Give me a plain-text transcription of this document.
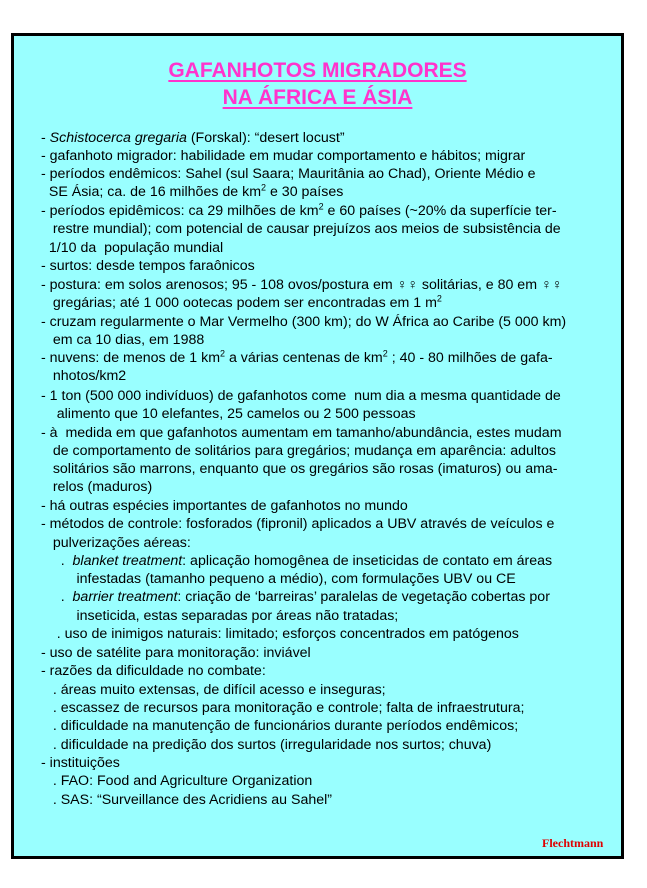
GAFANHOTOS MIGRADORES
NA ÁFRICA E ÁSIA
- Schistocerca gregaria (Forskal): “desert locust”
- gafanhoto migrador: habilidade em mudar comportamento e hábitos; migrar
- períodos endêmicos: Sahel (sul Saara; Mauritânia ao Chad), Oriente Médio e
SE Ásia; ca. de 16 milhões de $km^2$ e 30 países
- períodos epidêmicos: ca 29 milhões de $km^2$ e 60 países (~20% da superfície ter-
restre mundial); com potencial de causar prejuízos aos meios de subsistência de
1/10 da  população mundial
- surtos: desde tempos faraônicos
- postura: em solos arenosos; 95 - 108 ovos/postura em ♀♀ solitárias, e 80 em ♀♀
gregárias; até 1 000 ootecas podem ser encontradas em 1 $m^2$
- cruzam regularmente o Mar Vermelho (300 km); do W África ao Caribe (5 000 km)
em ca 10 dias, em 1988
- nuvens: de menos de 1 $km^2$ a várias centenas de $km^2$ ; 40 - 80 milhões de gafa-
nhotos/km2
- 1 ton (500 000 indivíduos) de gafanhotos come  num dia a mesma quantidade de
alimento que 10 elefantes, 25 camelos ou 2 500 pessoas
- à  medida em que gafanhotos aumentam em tamanho/abundância, estes mudam
de comportamento de solitários para gregários; mudança em aparência: adultos
solitários são marrons, enquanto que os gregários são rosas (imaturos) ou ama-
relos (maduros)
- há outras espécies importantes de gafanhotos no mundo
- métodos de controle: fosforados (fipronil) aplicados a UBV através de veículos e
pulverizações aéreas:
.  blanket treatment: aplicação homogênea de inseticidas de contato em áreas
infestadas (tamanho pequeno a médio), com formulações UBV ou CE
.  barrier treatment: criação de ‘barreiras’ paralelas de vegetação cobertas por
inseticida, estas separadas por áreas não tratadas;
. uso de inimigos naturais: limitado; esforços concentrados em patógenos
- uso de satélite para monitoração: inviável
- razões da dificuldade no combate:
. áreas muito extensas, de difícil acesso e inseguras;
. escassez de recursos para monitoração e controle; falta de infraestrutura;
. dificuldade na manutenção de funcionários durante períodos endêmicos;
. dificuldade na predição dos surtos (irregularidade nos surtos; chuva)
- instituições
. FAO: Food and Agriculture Organization
. SAS: “Surveillance des Acridiens au Sahel”
Flechtmann
